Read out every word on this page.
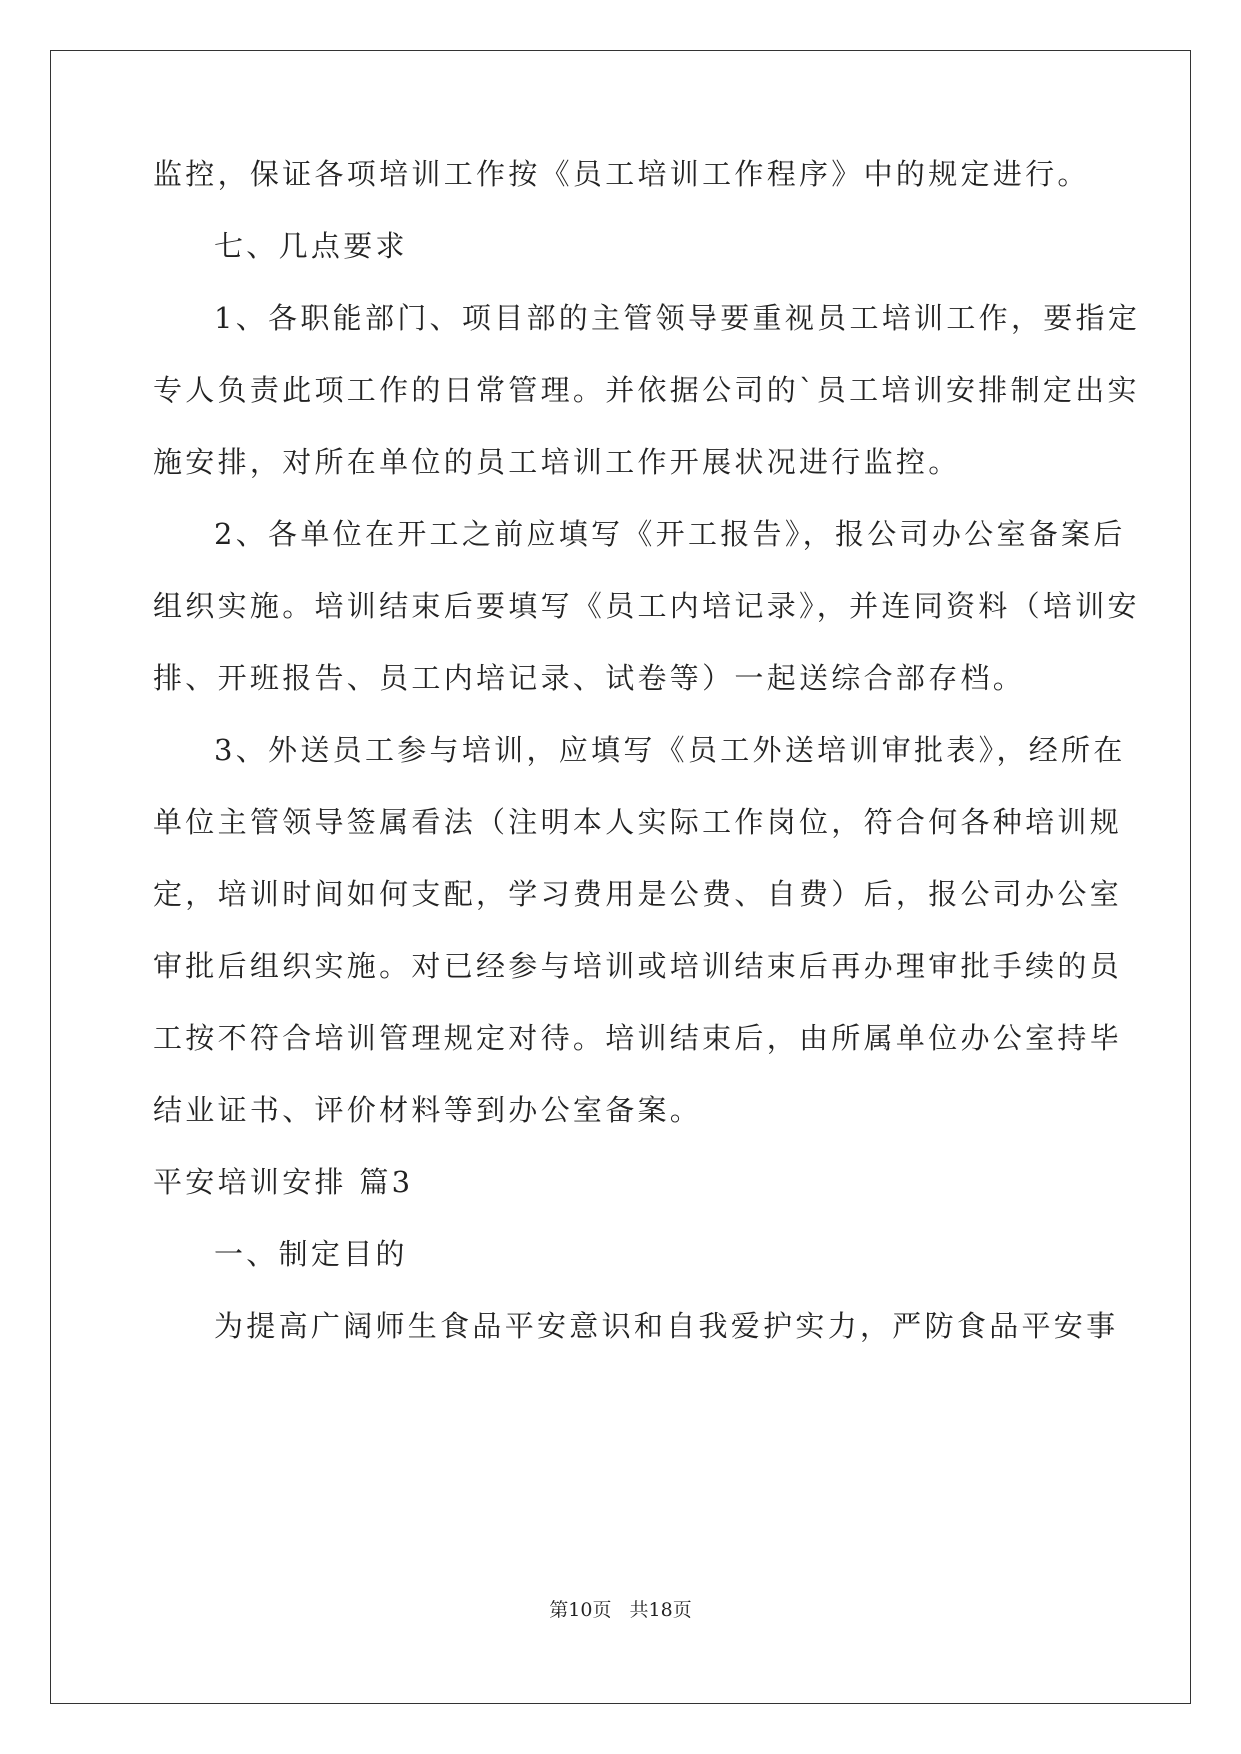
监控，保证各项培训工作按《员工培训工作程序》中的规定进行。
七、几点要求
1、各职能部门、项目部的主管领导要重视员工培训工作，要指定
专人负责此项工作的日常管理。并依据公司的`员工培训安排制定出实
施安排，对所在单位的员工培训工作开展状况进行监控。
2、各单位在开工之前应填写《开工报告》，报公司办公室备案后
组织实施。培训结束后要填写《员工内培记录》，并连同资料（培训安
排、开班报告、员工内培记录、试卷等）一起送综合部存档。
3、外送员工参与培训，应填写《员工外送培训审批表》，经所在
单位主管领导签属看法（注明本人实际工作岗位，符合何各种培训规
定，培训时间如何支配，学习费用是公费、自费）后，报公司办公室
审批后组织实施。对已经参与培训或培训结束后再办理审批手续的员
工按不符合培训管理规定对待。培训结束后，由所属单位办公室持毕
结业证书、评价材料等到办公室备案。
平安培训安排 篇3
一、制定目的
为提高广阔师生食品平安意识和自我爱护实力，严防食品平安事
第10页 共18页
